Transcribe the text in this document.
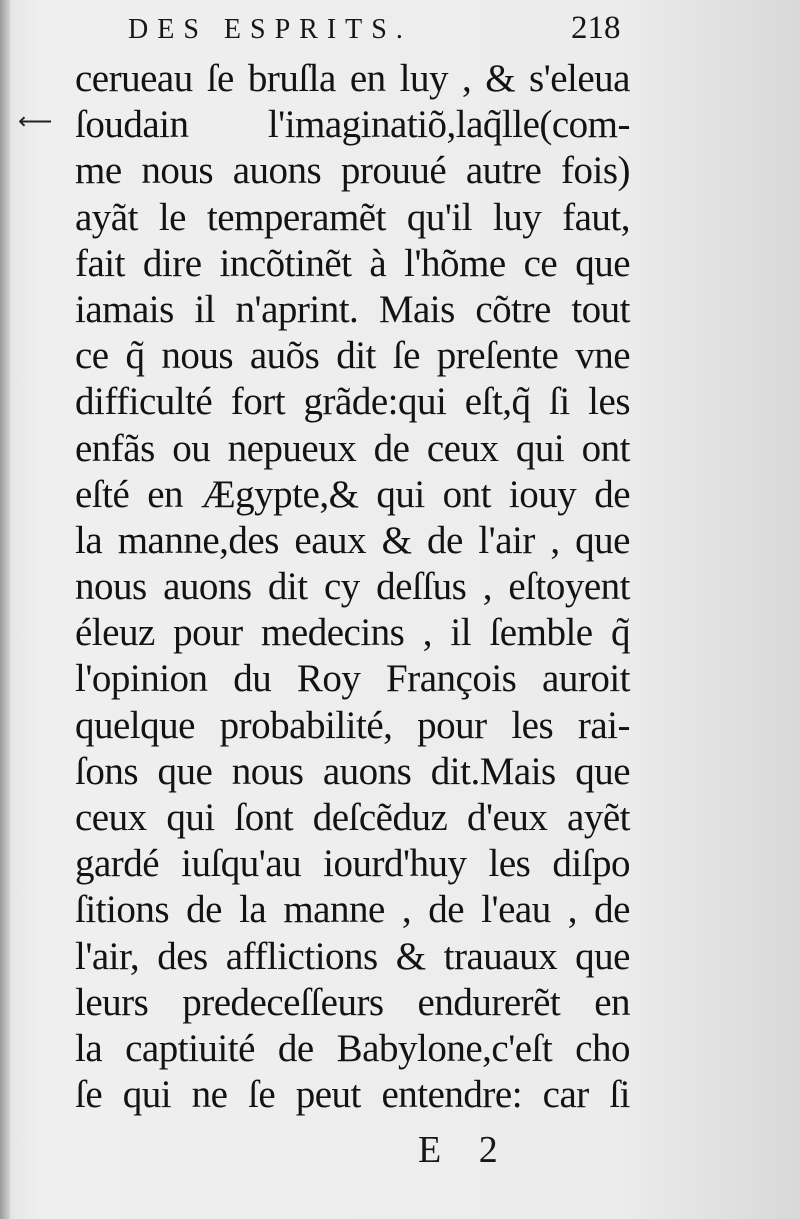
DES ESPRITS.	218
⟵
cerueau ſe bruſla en luy , & s'eleua
ſoudain l'imaginatiõ,laq̃lle(com-
me nous auons prouué autre fois)
ayãt le temperamẽt qu'il luy faut,
fait dire incõtinẽt à l'hõme ce que
iamais il n'aprint. Mais cõtre tout
ce q̃ nous auõs dit ſe preſente vne
difficulté fort grãde:qui eſt,q̃ ſi les
enfãs ou nepueux de ceux qui ont
eſté en Ægypte,& qui ont iouy de
la manne,des eaux & de l'air , que
nous auons dit cy deſſus , eſtoyent
éleuz pour medecins , il ſemble q̃
l'opinion du Roy François auroit
quelque probabilité, pour les rai-
ſons que nous auons dit.Mais que
ceux qui ſont deſcẽduz d'eux ayẽt
gardé iuſqu'au iourd'huy les diſpo
ſitions de la manne , de l'eau , de
l'air, des afflictions & trauaux que
leurs predeceſſeurs endurerẽt en
la captiuité de Babylone,c'eſt cho
ſe qui ne ſe peut entendre: car ſi
E 2
